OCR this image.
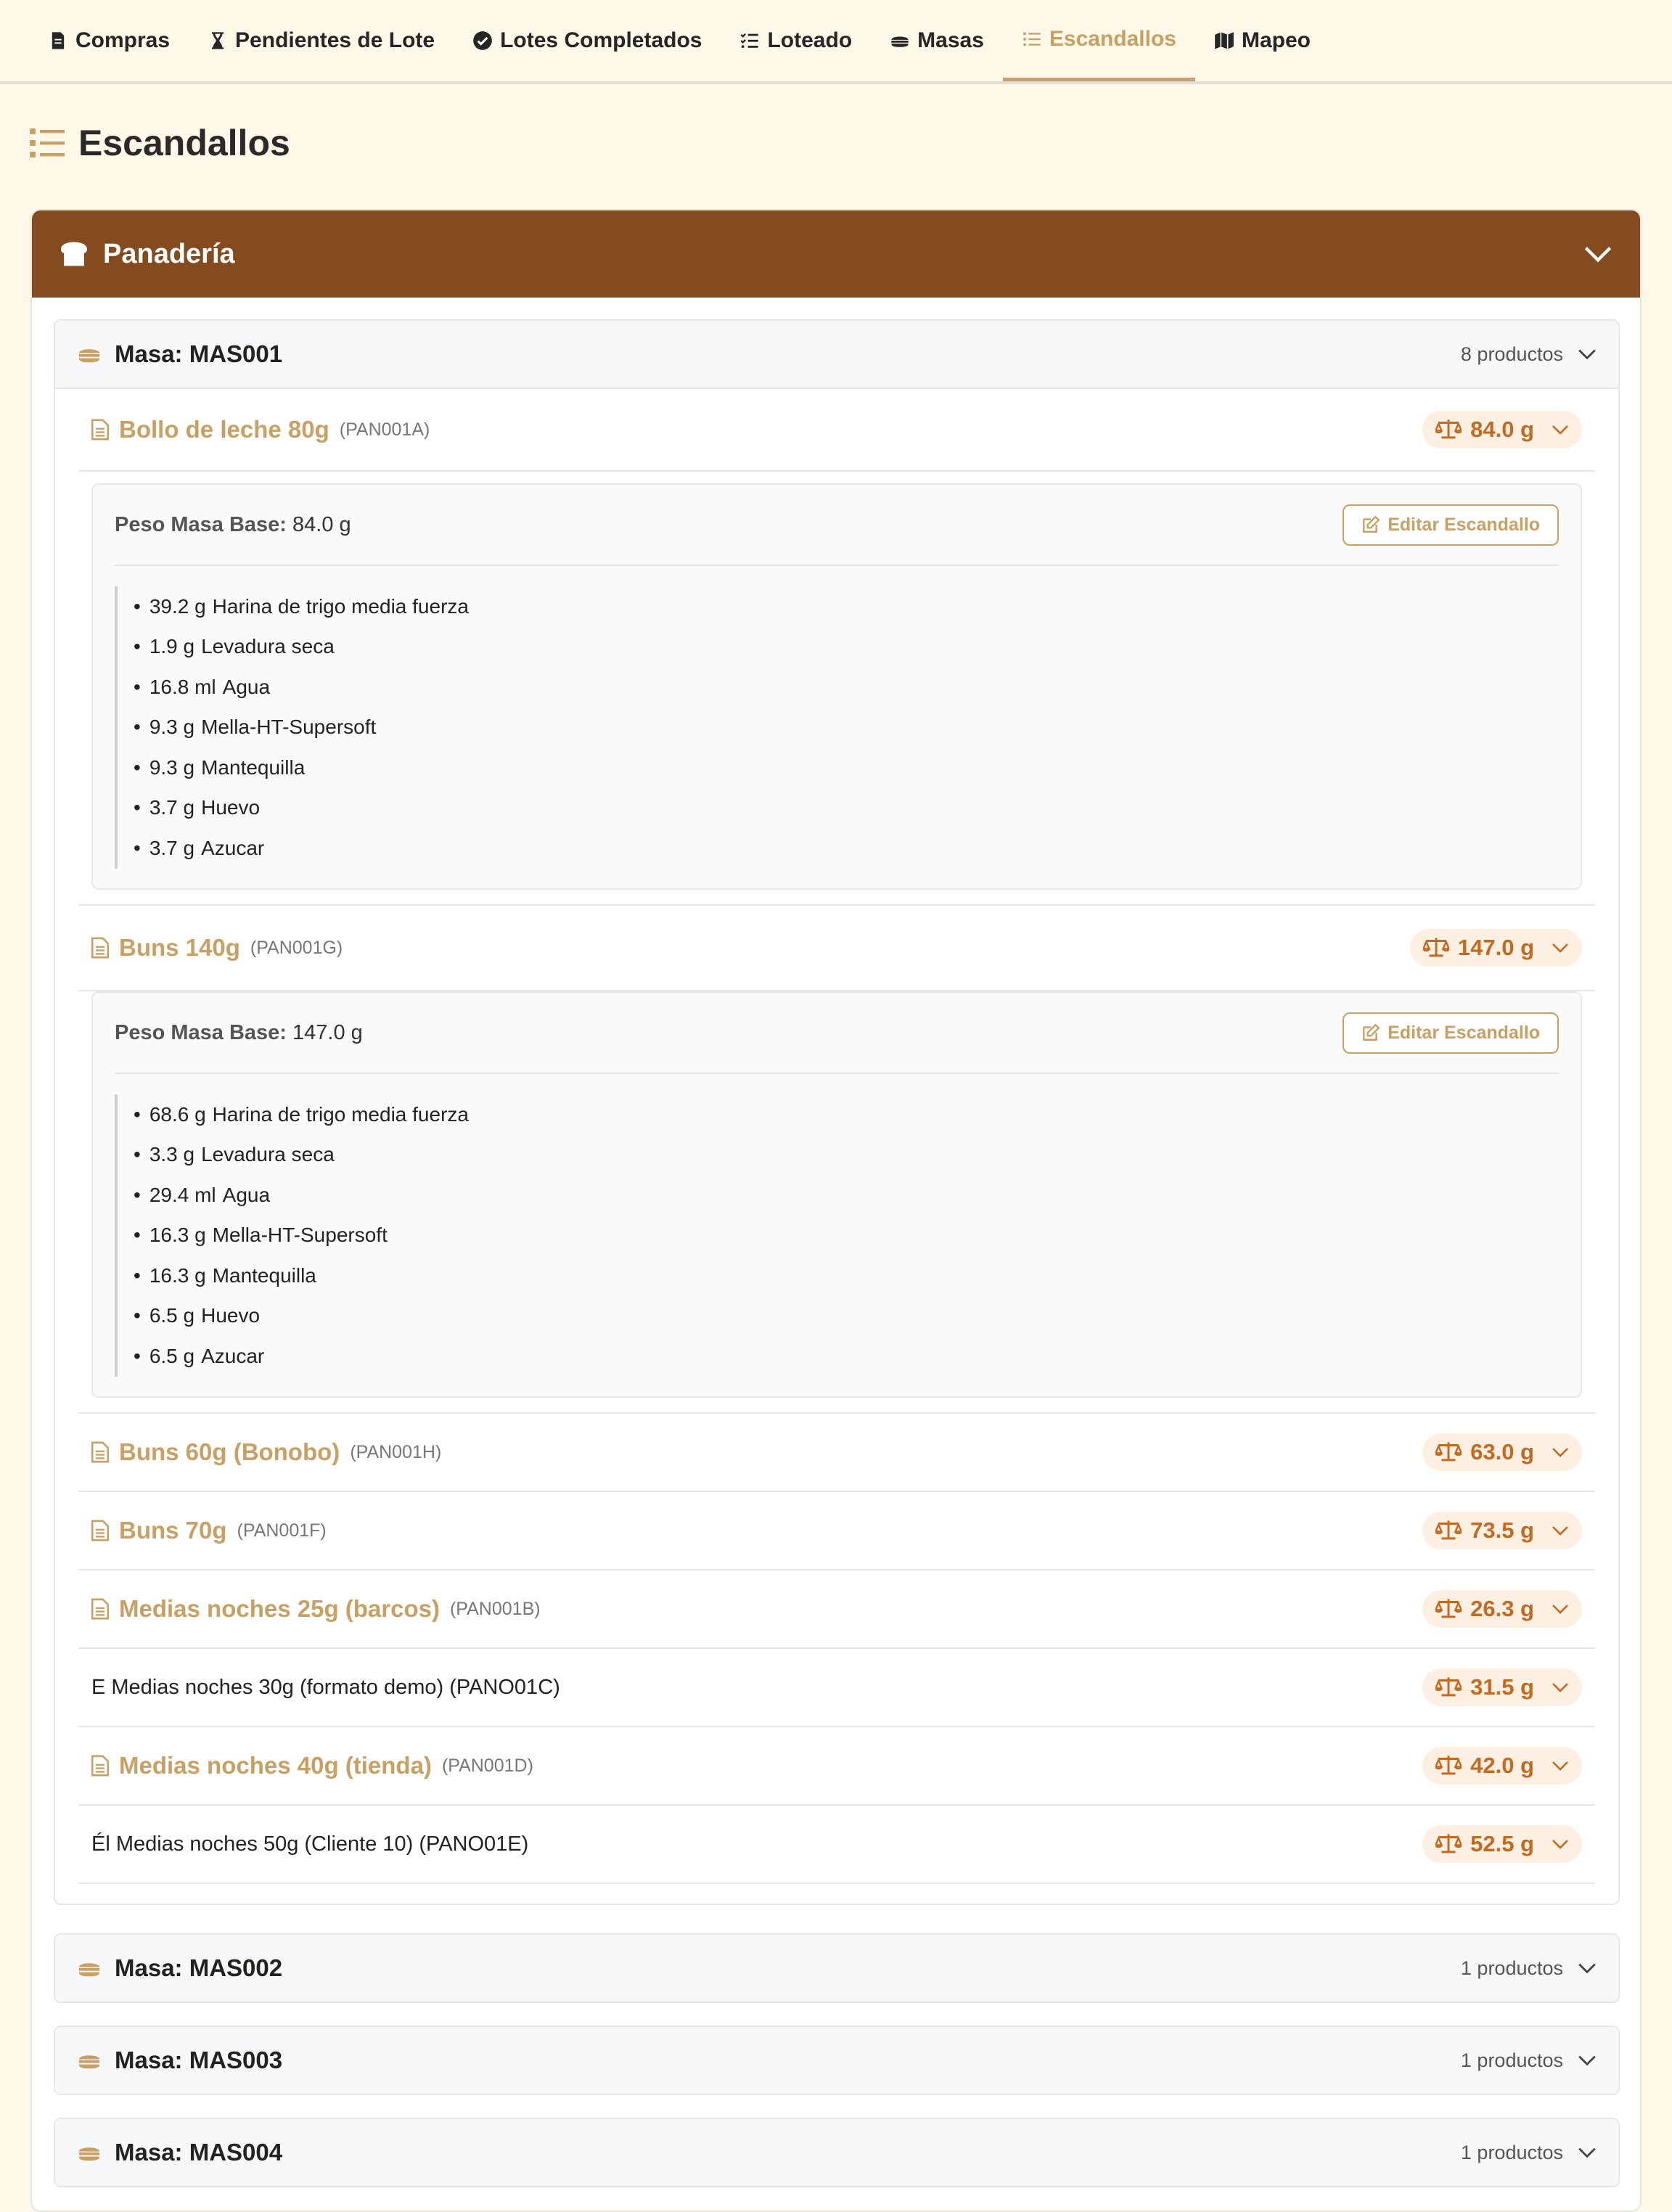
Compras	Pendientes de Lote	Lotes Completados	Loteado	Masas	Escandallos	Mapeo
Escandallos
Panadería
Masa: MAS001	8 productos
Bollo de leche 80g (PAN001A)	84.0 g
Peso Masa Base: 84.0 g	Editar Escandallo
• 39.2 g Harina de trigo media fuerza
• 1.9 g Levadura seca
• 16.8 ml Agua
• 9.3 g Mella-HT-Supersoft
• 9.3 g Mantequilla
• 3.7 g Huevo
• 3.7 g Azucar
Buns 140g (PAN001G)	147.0 g
Peso Masa Base: 147.0 g	Editar Escandallo
• 68.6 g Harina de trigo media fuerza
• 3.3 g Levadura seca
• 29.4 ml Agua
• 16.3 g Mella-HT-Supersoft
• 16.3 g Mantequilla
• 6.5 g Huevo
• 6.5 g Azucar
Buns 60g (Bonobo) (PAN001H)	63.0 g
Buns 70g (PAN001F)	73.5 g
Medias noches 25g (barcos) (PAN001B)	26.3 g
E Medias noches 30g (formato demo) (PANO01C)	31.5 g
Medias noches 40g (tienda) (PAN001D)	42.0 g
Él Medias noches 50g (Cliente 10) (PANO01E)	52.5 g
Masa: MAS002	1 productos
Masa: MAS003	1 productos
Masa: MAS004	1 productos
